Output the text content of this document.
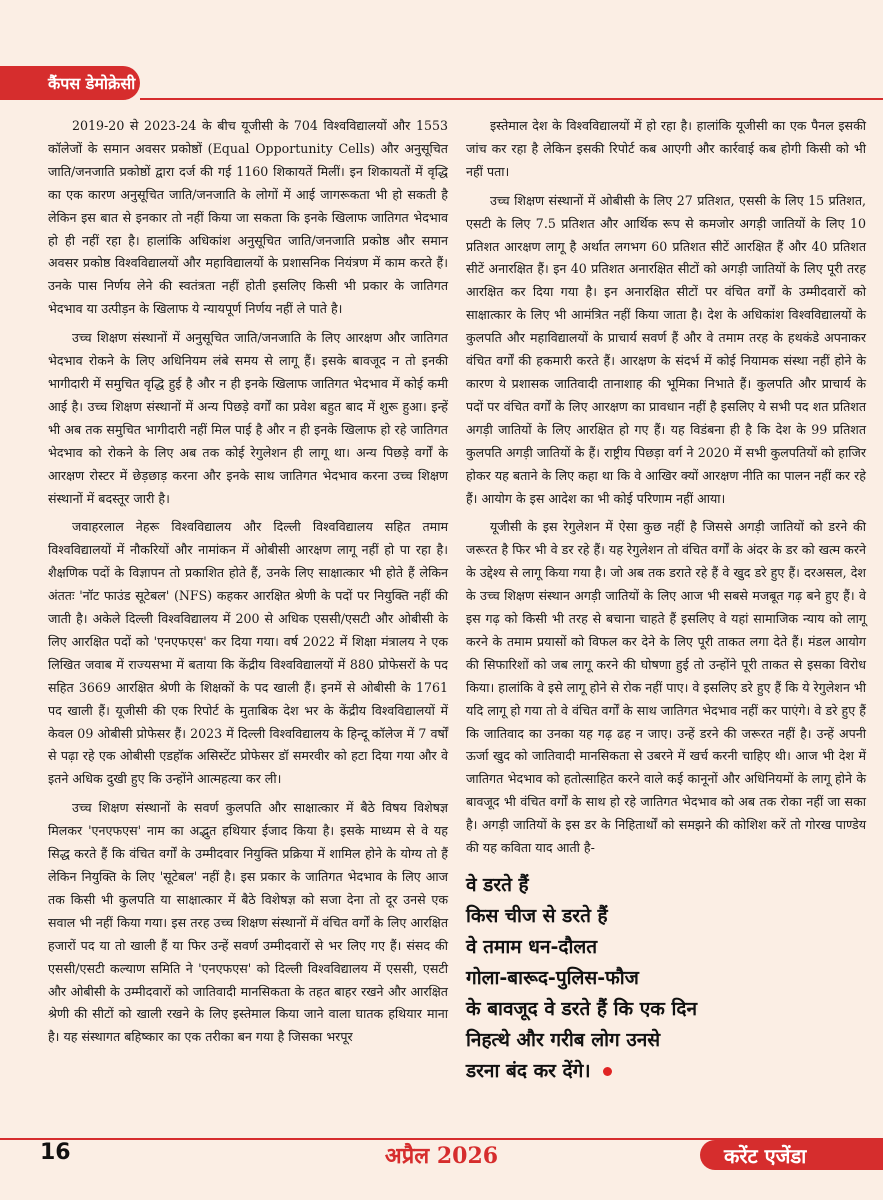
कैंपस डेमोक्रेसी

2019-20 से 2023-24 के बीच यूजीसी के 704 विश्वविद्यालयों और 1553 कॉलेजों के समान अवसर प्रकोष्ठों (Equal Opportunity Cells) और अनुसूचित जाति/जनजाति प्रकोष्ठों द्वारा दर्ज की गई 1160 शिकायतें मिलीं। इन शिकायतों में वृद्धि का एक कारण अनुसूचित जाति/जनजाति के लोगों में आई जागरूकता भी हो सकती है लेकिन इस बात से इनकार तो नहीं किया जा सकता कि इनके खिलाफ जातिगत भेदभाव हो ही नहीं रहा है। हालांकि अधिकांश अनुसूचित जाति/जनजाति प्रकोष्ठ और समान अवसर प्रकोष्ठ विश्वविद्यालयों और महाविद्यालयों के प्रशासनिक नियंत्रण में काम करते हैं। उनके पास निर्णय लेने की स्वतंत्रता नहीं होती इसलिए किसी भी प्रकार के जातिगत भेदभाव या उत्पीड़न के खिलाफ ये न्यायपूर्ण निर्णय नहीं ले पाते है।

उच्च शिक्षण संस्थानों में अनुसूचित जाति/जनजाति के लिए आरक्षण और जातिगत भेदभाव रोकने के लिए अधिनियम लंबे समय से लागू हैं। इसके बावजूद न तो इनकी भागीदारी में समुचित वृद्धि हुई है और न ही इनके खिलाफ जातिगत भेदभाव में कोई कमी आई है। उच्च शिक्षण संस्थानों में अन्य पिछड़े वर्गों का प्रवेश बहुत बाद में शुरू हुआ। इन्हें भी अब तक समुचित भागीदारी नहीं मिल पाई है और न ही इनके खिलाफ हो रहे जातिगत भेदभाव को रोकने के लिए अब तक कोई रेगुलेशन ही लागू था। अन्य पिछड़े वर्गों के आरक्षण रोस्टर में छेड़छाड़ करना और इनके साथ जातिगत भेदभाव करना उच्च शिक्षण संस्थानों में बदस्तूर जारी है।

जवाहरलाल नेहरू विश्वविद्यालय और दिल्ली विश्वविद्यालय सहित तमाम विश्वविद्यालयों में नौकरियों और नामांकन में ओबीसी आरक्षण लागू नहीं हो पा रहा है। शैक्षणिक पदों के विज्ञापन तो प्रकाशित होते हैं, उनके लिए साक्षात्कार भी होते हैं लेकिन अंततः 'नॉट फाउंड सूटेबल' (NFS) कहकर आरक्षित श्रेणी के पदों पर नियुक्ति नहीं की जाती है। अकेले दिल्ली विश्वविद्यालय में 200 से अधिक एससी/एसटी और ओबीसी के लिए आरक्षित पदों को 'एनएफएस' कर दिया गया। वर्ष 2022 में शिक्षा मंत्रालय ने एक लिखित जवाब में राज्यसभा में बताया कि केंद्रीय विश्वविद्यालयों में 880 प्रोफेसरों के पद सहित 3669 आरक्षित श्रेणी के शिक्षकों के पद खाली हैं। इनमें से ओबीसी के 1761 पद खाली हैं। यूजीसी की एक रिपोर्ट के मुताबिक देश भर के केंद्रीय विश्वविद्यालयों में केवल 09 ओबीसी प्रोफेसर हैं। 2023 में दिल्ली विश्वविद्यालय के हिन्दू कॉलेज में 7 वर्षों से पढ़ा रहे एक ओबीसी एडहॉक असिस्टेंट प्रोफेसर डॉ समरवीर को हटा दिया गया और वे इतने अधिक दुखी हुए कि उन्होंने आत्महत्या कर ली।

उच्च शिक्षण संस्थानों के सवर्ण कुलपति और साक्षात्कार में बैठे विषय विशेषज्ञ मिलकर 'एनएफएस' नाम का अद्भुत हथियार ईजाद किया है। इसके माध्यम से वे यह सिद्ध करते हैं कि वंचित वर्गों के उम्मीदवार नियुक्ति प्रक्रिया में शामिल होने के योग्य तो हैं लेकिन नियुक्ति के लिए 'सूटेबल' नहीं है। इस प्रकार के जातिगत भेदभाव के लिए आज तक किसी भी कुलपति या साक्षात्कार में बैठे विशेषज्ञ को सजा देना तो दूर उनसे एक सवाल भी नहीं किया गया। इस तरह उच्च शिक्षण संस्थानों में वंचित वर्गों के लिए आरक्षित हजारों पद या तो खाली हैं या फिर उन्हें सवर्ण उम्मीदवारों से भर लिए गए हैं। संसद की एससी/एसटी कल्याण समिति ने 'एनएफएस' को दिल्ली विश्वविद्यालय में एससी, एसटी और ओबीसी के उम्मीदवारों को जातिवादी मानसिकता के तहत बाहर रखने और आरक्षित श्रेणी की सीटों को खाली रखने के लिए इस्तेमाल किया जाने वाला घातक हथियार माना है। यह संस्थागत बहिष्कार का एक तरीका बन गया है जिसका भरपूर

इस्तेमाल देश के विश्वविद्यालयों में हो रहा है। हालांकि यूजीसी का एक पैनल इसकी जांच कर रहा है लेकिन इसकी रिपोर्ट कब आएगी और कार्रवाई कब होगी किसी को भी नहीं पता।

उच्च शिक्षण संस्थानों में ओबीसी के लिए 27 प्रतिशत, एससी के लिए 15 प्रतिशत, एसटी के लिए 7.5 प्रतिशत और आर्थिक रूप से कमजोर अगड़ी जातियों के लिए 10 प्रतिशत आरक्षण लागू है अर्थात लगभग 60 प्रतिशत सीटें आरक्षित हैं और 40 प्रतिशत सीटें अनारक्षित हैं। इन 40 प्रतिशत अनारक्षित सीटों को अगड़ी जातियों के लिए पूरी तरह आरक्षित कर दिया गया है। इन अनारक्षित सीटों पर वंचित वर्गों के उम्मीदवारों को साक्षात्कार के लिए भी आमंत्रित नहीं किया जाता है। देश के अधिकांश विश्वविद्यालयों के कुलपति और महाविद्यालयों के प्राचार्य सवर्ण हैं और वे तमाम तरह के हथकंडे अपनाकर वंचित वर्गों की हकमारी करते हैं। आरक्षण के संदर्भ में कोई नियामक संस्था नहीं होने के कारण ये प्रशासक जातिवादी तानाशाह की भूमिका निभाते हैं। कुलपति और प्राचार्य के पदों पर वंचित वर्गों के लिए आरक्षण का प्रावधान नहीं है इसलिए ये सभी पद शत प्रतिशत अगड़ी जातियों के लिए आरक्षित हो गए हैं। यह विडंबना ही है कि देश के 99 प्रतिशत कुलपति अगड़ी जातियों के हैं। राष्ट्रीय पिछड़ा वर्ग ने 2020 में सभी कुलपतियों को हाजिर होकर यह बताने के लिए कहा था कि वे आखिर क्यों आरक्षण नीति का पालन नहीं कर रहे हैं। आयोग के इस आदेश का भी कोई परिणाम नहीं आया।

यूजीसी के इस रेगुलेशन में ऐसा कुछ नहीं है जिससे अगड़ी जातियों को डरने की जरूरत है फिर भी वे डर रहे हैं। यह रेगुलेशन तो वंचित वर्गों के अंदर के डर को खत्म करने के उद्देश्य से लागू किया गया है। जो अब तक डराते रहे हैं वे खुद डरे हुए हैं। दरअसल, देश के उच्च शिक्षण संस्थान अगड़ी जातियों के लिए आज भी सबसे मजबूत गढ़ बने हुए हैं। वे इस गढ़ को किसी भी तरह से बचाना चाहते हैं इसलिए वे यहां सामाजिक न्याय को लागू करने के तमाम प्रयासों को विफल कर देने के लिए पूरी ताकत लगा देते हैं। मंडल आयोग की सिफारिशों को जब लागू करने की घोषणा हुई तो उन्होंने पूरी ताकत से इसका विरोध किया। हालांकि वे इसे लागू होने से रोक नहीं पाए। वे इसलिए डरे हुए हैं कि ये रेगुलेशन भी यदि लागू हो गया तो वे वंचित वर्गों के साथ जातिगत भेदभाव नहीं कर पाएंगे। वे डरे हुए हैं कि जातिवाद का उनका यह गढ़ ढह न जाए। उन्हें डरने की जरूरत नहीं है। उन्हें अपनी ऊर्जा खुद को जातिवादी मानसिकता से उबरने में खर्च करनी चाहिए थी। आज भी देश में जातिगत भेदभाव को हतोत्साहित करने वाले कई कानूनों और अधिनियमों के लागू होने के बावजूद भी वंचित वर्गों के साथ हो रहे जातिगत भेदभाव को अब तक रोका नहीं जा सका है। अगड़ी जातियों के इस डर के निहितार्थों को समझने की कोशिश करें तो गोरख पाण्डेय की यह कविता याद आती है-

वे डरते हैं
किस चीज से डरते हैं
वे तमाम धन-दौलत
गोला-बारूद-पुलिस-फौज
के बावजूद वे डरते हैं कि एक दिन
निहत्थे और गरीब लोग उनसे
डरना बंद कर देंगे।
16	अप्रैल 2026	करेंट एजेंडा
